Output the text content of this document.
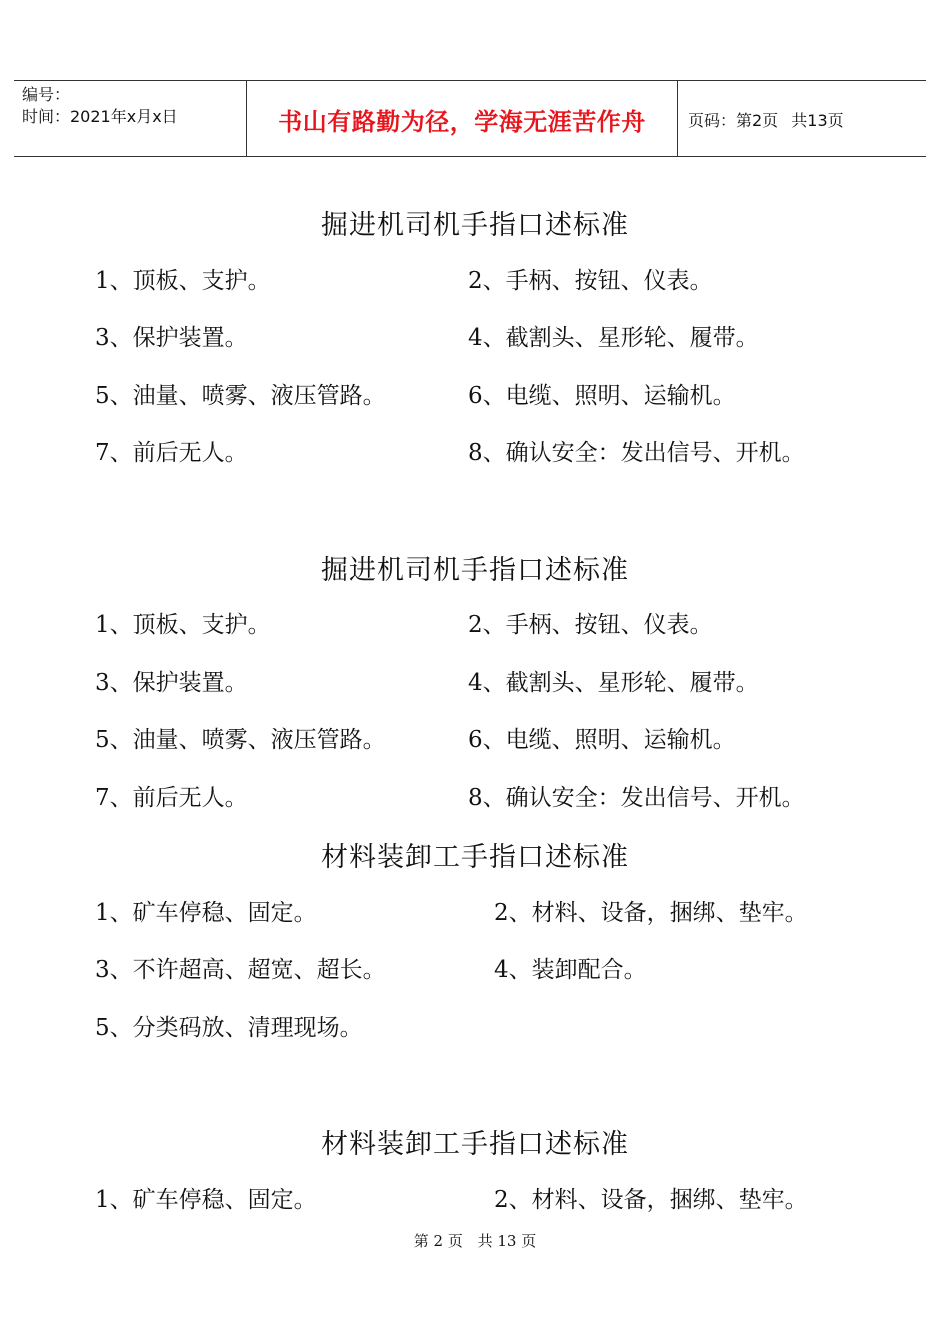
编号：
时间：2021年x月x日	书山有路勤为径，学海无涯苦作舟	页码：第2页 共13页
掘进机司机手指口述标准
1、顶板、支护。	2、手柄、按钮、仪表。
3、保护装置。	4、截割头、星形轮、履带。
5、油量、喷雾、液压管路。	6、电缆、照明、运输机。
7、前后无人。	8、确认安全：发出信号、开机。
掘进机司机手指口述标准
1、顶板、支护。	2、手柄、按钮、仪表。
3、保护装置。	4、截割头、星形轮、履带。
5、油量、喷雾、液压管路。	6、电缆、照明、运输机。
7、前后无人。	8、确认安全：发出信号、开机。
材料装卸工手指口述标准
1、矿车停稳、固定。	2、材料、设备，捆绑、垫牢。
3、不许超高、超宽、超长。	4、装卸配合。
5、分类码放、清理现场。
材料装卸工手指口述标准
1、矿车停稳、固定。	2、材料、设备，捆绑、垫牢。
第 2 页 共 13 页
